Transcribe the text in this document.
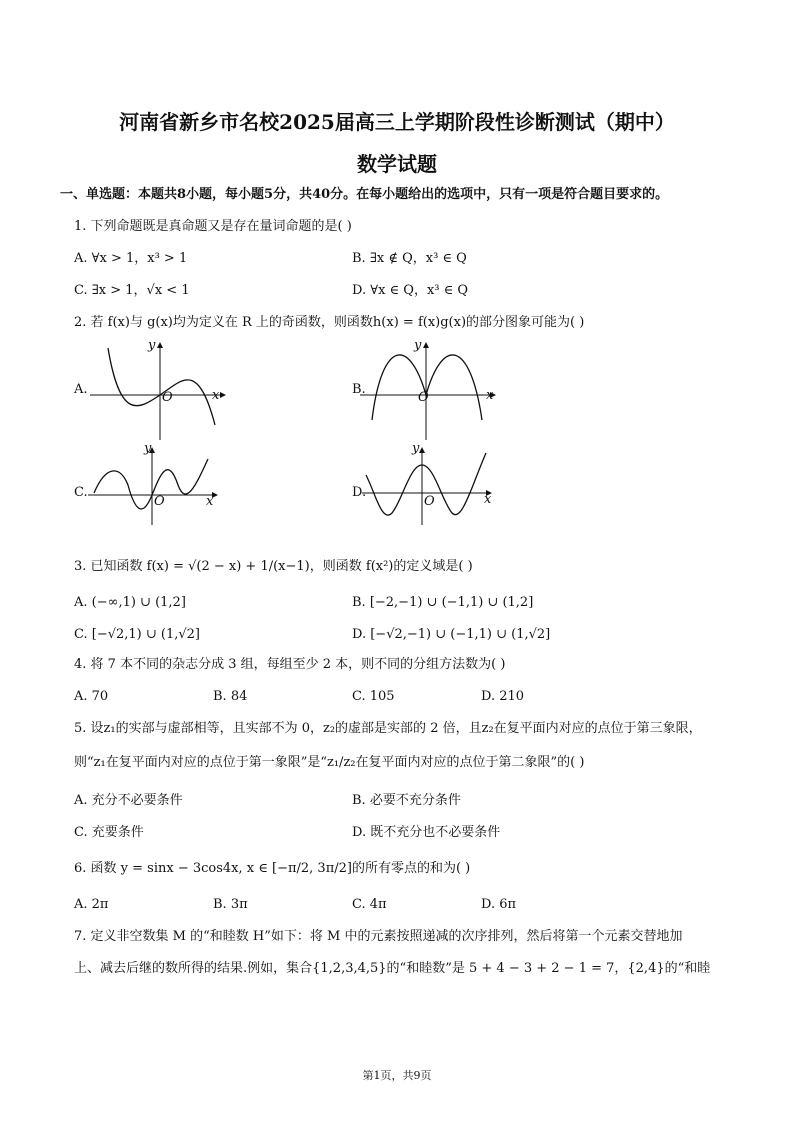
河南省新乡市名校2025届高三上学期阶段性诊断测试（期中）
数学试题
一、单选题：本题共8小题，每小题5分，共40分。在每小题给出的选项中，只有一项是符合题目要求的。
1. 下列命题既是真命题又是存在量词命题的是( )
A. ∀x > 1，x³ > 1	B. ∃x ∉ Q，x³ ∈ Q
C. ∃x > 1，√x < 1	D. ∀x ∈ Q，x³ ∈ Q
2. 若 f(x)与 g(x)均为定义在 R 上的奇函数，则函数h(x) = f(x)g(x)的部分图象可能为( )
A.
y
x
O
B.
y
x
O
C.
y
x
O
D.
y
x
O
3. 已知函数 f(x) = √(2 − x) + 1/(x−1)，则函数 f(x²)的定义域是( )
A. (−∞,1) ∪ (1,2]	B. [−2,−1) ∪ (−1,1) ∪ (1,2]
C. [−√2,1) ∪ (1,√2]	D. [−√2,−1) ∪ (−1,1) ∪ (1,√2]
4. 将 7 本不同的杂志分成 3 组，每组至少 2 本，则不同的分组方法数为( )
A. 70	B. 84	C. 105	D. 210
5. 设z₁的实部与虚部相等，且实部不为 0，z₂的虚部是实部的 2 倍，且z₂在复平面内对应的点位于第三象限，
则“z₁在复平面内对应的点位于第一象限”是“z₁/z₂在复平面内对应的点位于第二象限”的( )
A. 充分不必要条件	B. 必要不充分条件
C. 充要条件	D. 既不充分也不必要条件
6. 函数 y = sinx − 3cos4x, x ∈ [−π/2, 3π/2]的所有零点的和为( )
A. 2π	B. 3π	C. 4π	D. 6π
7. 定义非空数集 M 的“和睦数 H”如下：将 M 中的元素按照递减的次序排列，然后将第一个元素交替地加
上、减去后继的数所得的结果.例如，集合{1,2,3,4,5}的“和睦数”是 5 + 4 − 3 + 2 − 1 = 7，{2,4}的“和睦
第1页，共9页
